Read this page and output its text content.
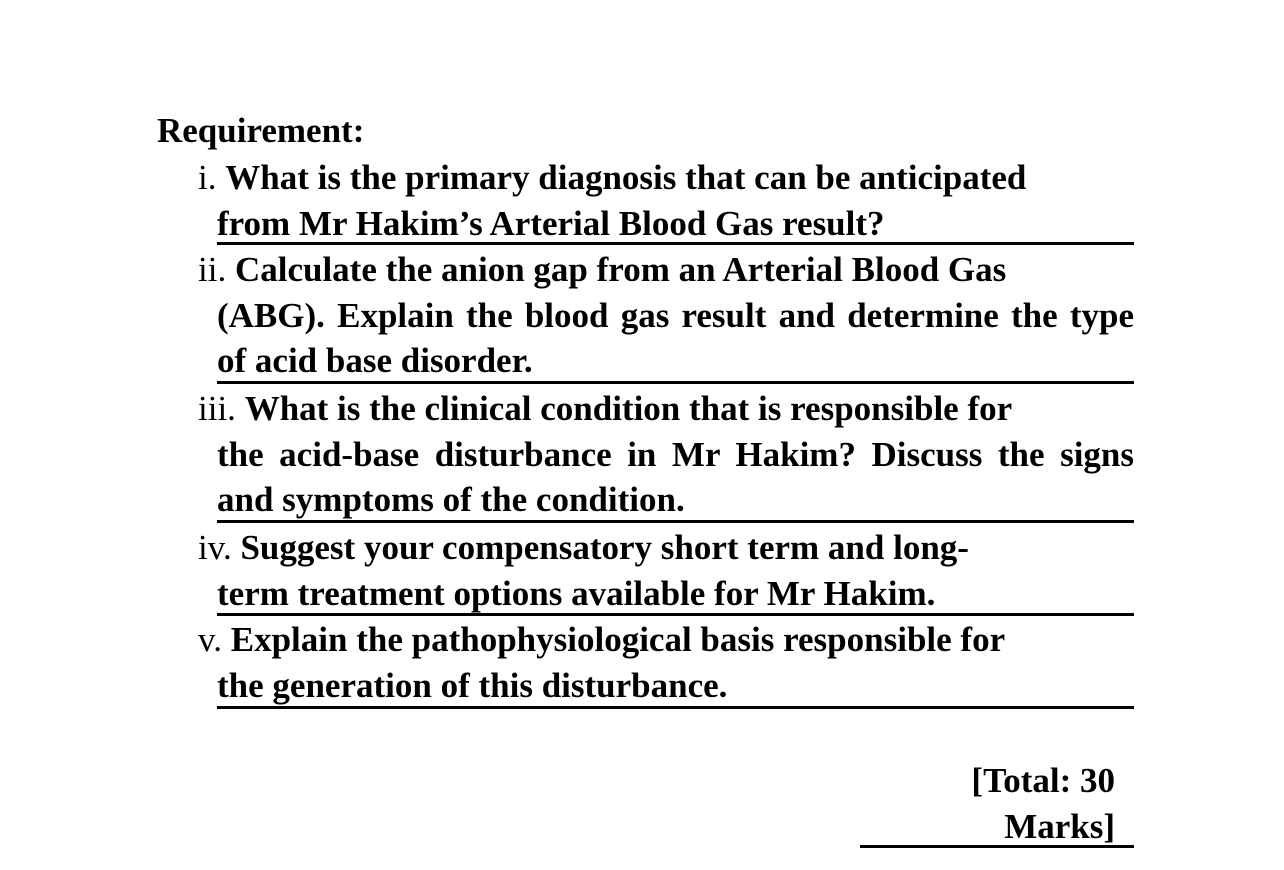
Requirement:
i. What is the primary diagnosis that can be anticipated
from Mr Hakim’s Arterial Blood Gas result?
ii. Calculate the anion gap from an Arterial Blood Gas
(ABG). Explain the blood gas result and determine the type of acid base disorder.
iii. What is the clinical condition that is responsible for
the acid-base disturbance in Mr Hakim? Discuss the signs and symptoms of the condition.
iv. Suggest your compensatory short term and long-
term treatment options available for Mr Hakim.
v. Explain the pathophysiological basis responsible for
the generation of this disturbance.
[Total: 30 Marks]
